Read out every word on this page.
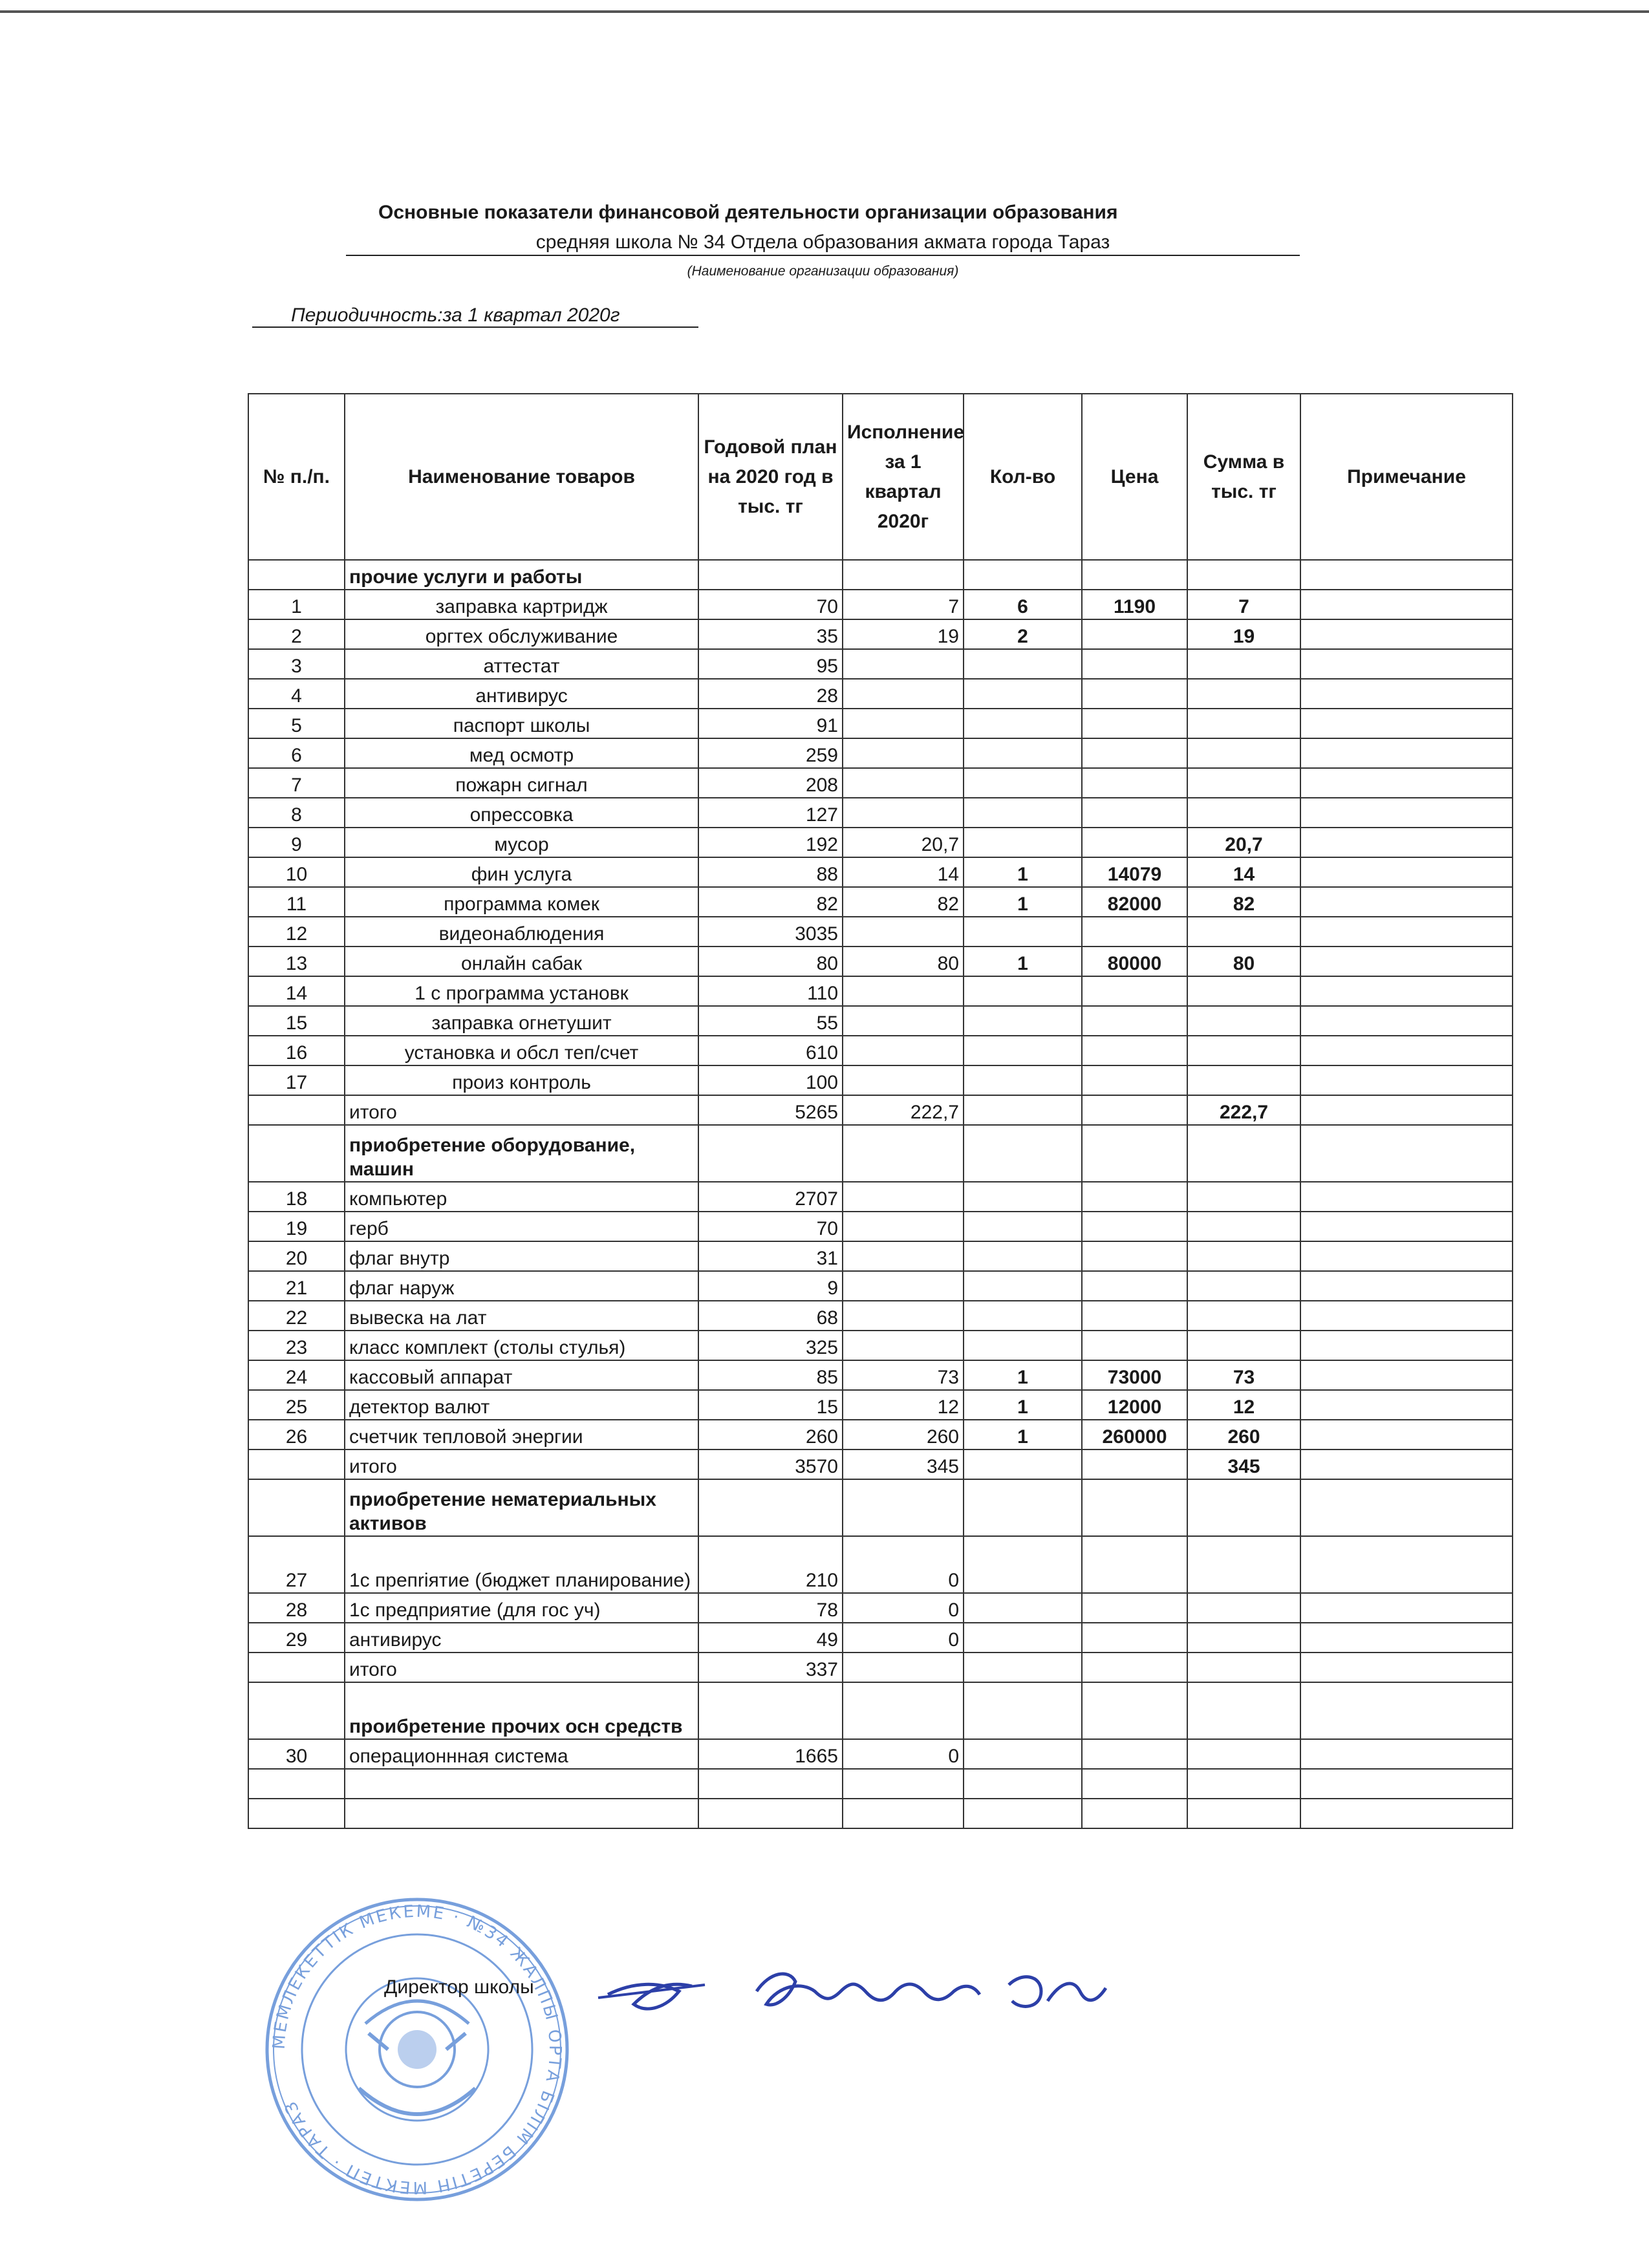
Основные показатели финансовой деятельности организации образования
средняя школа № 34 Отдела образования акмата города Тараз
(Наименование организации образования)
Периодичность:за 1 квартал 2020г
№ п./п.	Наименование товаров	Годовой план на 2020 год в тыс. тг	Исполнение за 1 квартал 2020г	Кол-во	Цена	Сумма в тыс. тг	Примечание
	прочие услуги и работы						
1	заправка картридж	70	7	6	1190	7	
2	оргтех обслуживание	35	19	2		19	
3	аттестат	95					
4	антивирус	28					
5	паспорт школы	91					
6	мед осмотр	259					
7	пожарн сигнал	208					
8	опрессовка	127					
9	мусор	192	20,7			20,7	
10	фин услуга	88	14	1	14079	14	
11	программа комек	82	82	1	82000	82	
12	видеонаблюдения	3035					
13	онлайн сабак	80	80	1	80000	80	
14	1 с программа установк	110					
15	заправка огнетушит	55					
16	установка и обсл теп/счет	610					
17	произ контроль	100					
	итого	5265	222,7			222,7	
	приобретение оборудование, машин						
18	компьютер	2707					
19	герб	70					
20	флаг внутр	31					
21	флаг наруж	9					
22	вывеска на лат	68					
23	класс комплект (столы стулья)	325					
24	кассовый аппарат	85	73	1	73000	73	
25	детектор валют	15	12	1	12000	12	
26	счетчик тепловой энергии	260	260	1	260000	260	
	итого	3570	345			345	
	приобретение нематериальных активов						
27	1с препriятие (бюджет планирование)	210	0				
28	1с предприятие (для гос уч)	78	0				
29	антивирус	49	0				
	итого	337					
	проибретение прочих осн средств						
30	операционнная система	1665	0				

МЕМЛЕКЕТТІК МЕКЕМЕ · №34 ЖАЛПЫ ОРТА БІЛІМ БЕРЕТІН МЕКТЕП · ТАРАЗ
Директор школы
